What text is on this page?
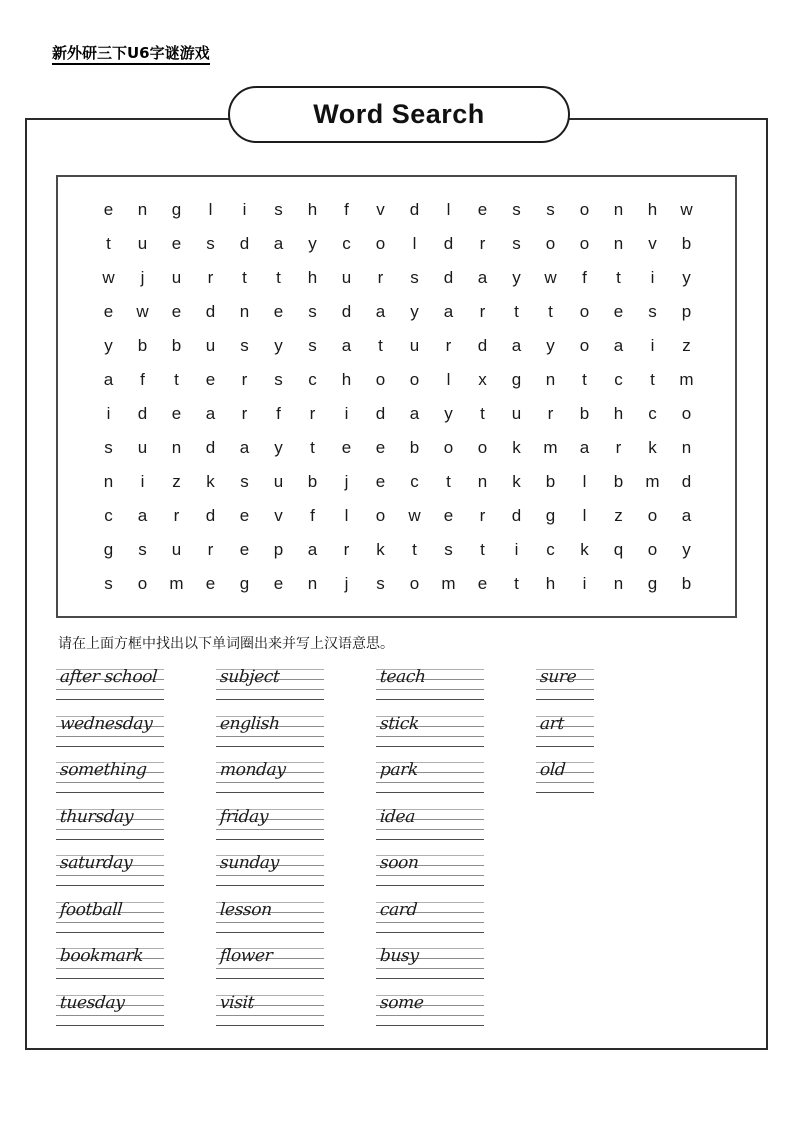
新外研三下U6字谜游戏
Word Search
e n g	l	i	s h	f	v d	l	e s s o n h w
t	u e s d a y c o	l	d	r	s o o n v b
w	j	u	r	t	t	h u	r	s d a y w	f	t	i	y
e w e d n e s d a y a	r	t	t	o e s p
y b b u s y s a	t	u	r	d a y o a	i	z
a	f	t	e	r	s c h o o	l	x g n	t	c	t	m
i	d e a	r	f	r	i	d a y	t	u	r	b h c o
s u n d a y	t	e e b o o k m a	r	k n
n	i	z k s u b	j	e c	t	n k b	l	b m d
c a	r	d e v	f	l	o w e	r	d g	l	z o a
g s u	r	e p a	r	k	t	s	t	i	c k q o y
s o m e g e n	j	s o m e	t	h	i	n g b
请在上面方框中找出以下单词圈出来并写上汉语意思。
after school
wednesday
something
thursday
saturday
football
bookmark
tuesday
subject
english
monday
friday
sunday
lesson
flower
visit
teach
stick
park
idea
soon
card
busy
some
sure
art
old
